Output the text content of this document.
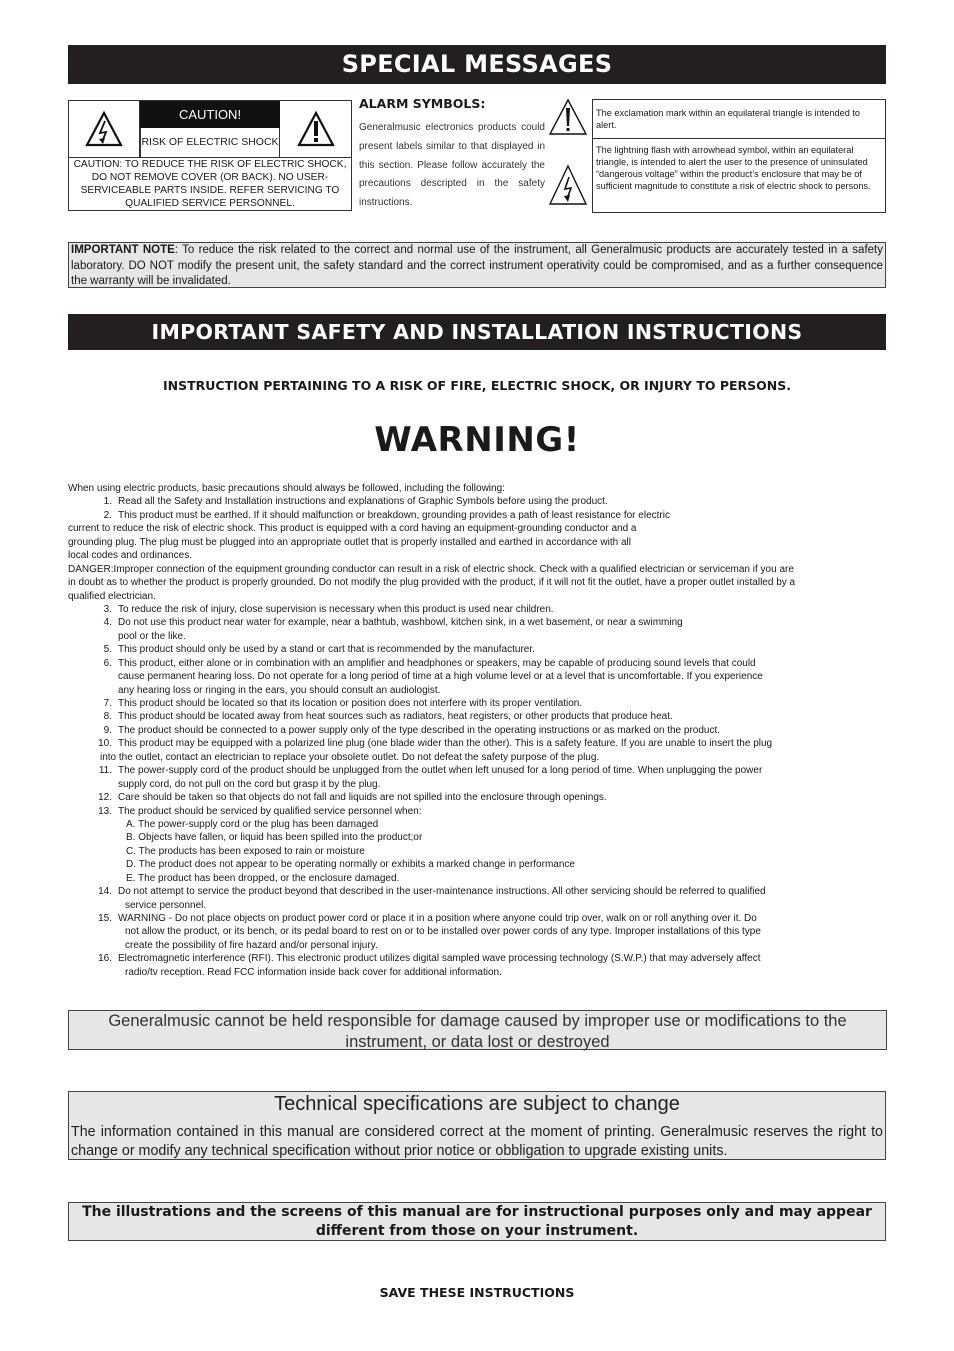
SPECIAL MESSAGES
CAUTION!
RISK OF ELECTRIC SHOCK
CAUTION: TO REDUCE THE RISK OF ELECTRIC SHOCK, DO NOT REMOVE COVER (OR BACK). NO USER-SERVICEABLE PARTS INSIDE. REFER SERVICING TO QUALIFIED SERVICE PERSONNEL.
ALARM SYMBOLS:
Generalmusic electronics products could present labels similar to that displayed in this section. Please follow accurately the precautions descripted in the safety instructions.
The exclamation mark within an equilateral triangle is intended to alert.
The lightning flash with arrowhead symbol, within an equilateral triangle, is intended to alert the user to the presence of uninsulated “dangerous voltage” within the product’s enclosure that may be of sufficient magnitude to constitute a risk of electric shock to persons.
IMPORTANT NOTE: To reduce the risk related to the correct and normal use of the instrument, all Generalmusic products are accurately tested in a safety laboratory. DO NOT modify the present unit, the safety standard and the correct instrument operativity could be compromised, and as a further consequence the warranty will be invalidated.
IMPORTANT SAFETY AND INSTALLATION INSTRUCTIONS
INSTRUCTION PERTAINING TO A RISK OF FIRE, ELECTRIC SHOCK, OR INJURY TO PERSONS.
WARNING!
When using electric products, basic precautions should always be followed, including the following:
1. Read all the Safety and Installation instructions and explanations of Graphic Symbols before using the product.
2. This product must be earthed. If it should malfunction or breakdown, grounding provides a path of least resistance for electric
current to reduce the risk of electric shock. This product is equipped with a cord having an equipment-grounding conductor and a
grounding plug. The plug must be plugged into an appropriate outlet that is properly installed and earthed in accordance with all
local codes and ordinances.
DANGER:Improper connection of the equipment grounding conductor can result in a risk of electric shock. Check with a qualified electrician or serviceman if you are
in doubt as to whether the product is properly grounded. Do not modify the plug provided with the product, if it will not fit the outlet, have a proper outlet installed by a
qualified electrician.
3. To reduce the risk of injury, close supervision is necessary when this product is used near children.
4. Do not use this product near water for example, near a bathtub, washbowl, kitchen sink, in a wet basement, or near a swimming
pool or the like.
5. This product should only be used by a stand or cart that is recommended by the manufacturer.
6. This product, either alone or in combination with an amplifier and headphones or speakers, may be capable of producing sound levels that could
cause permanent hearing loss. Do not operate for a long period of time at a high volume level or at a level that is uncomfortable. If you experience
any hearing loss or ringing in the ears, you should consult an audiologist.
7. This product should be located so that its location or position does not interfere with its proper ventilation.
8. This product should be located away from heat sources such as radiators, heat registers, or other products that produce heat.
9. The product should be connected to a power supply only of the type described in the operating instructions or as marked on the product.
10. This product may be equipped with a polarized line plug (one blade wider than the other). This is a safety feature. If you are unable to insert the plug
into the outlet, contact an electrician to replace your obsolete outlet. Do not defeat the safety purpose of the plug.
11. The power-supply cord of the product should be unplugged from the outlet when left unused for a long period of time. When unplugging the power
supply cord, do not pull on the cord but grasp it by the plug.
12. Care should be taken so that objects do not fall and liquids are not spilled into the enclosure through openings.
13. The product should be serviced by qualified service personnel when:
A. The power-supply cord or the plug has been damaged
B. Objects have fallen, or liquid has been spilled into the product;or
C. The products has been exposed to rain or moisture
D. The product does not appear to be operating normally or exhibits a marked change in performance
E. The product has been dropped, or the enclosure damaged.
14. Do not attempt to service the product beyond that described in the user-maintenance instructions. All other servicing should be referred to qualified
service personnel.
15. WARNING - Do not place objects on product power cord or place it in a position where anyone could trip over, walk on or roll anything over it. Do
not allow the product, or its bench, or its pedal board to rest on or to be installed over power cords of any type. Improper installations of this type
create the possibility of fire hazard and/or personal injury.
16. Electromagnetic interference (RFI). This electronic product utilizes digital sampled wave processing technology (S.W.P.) that may adversely affect
radio/tv reception. Read FCC information inside back cover for additional information.
Generalmusic cannot be held responsible for damage caused by improper use or modifications to the instrument, or data lost or destroyed
Technical specifications are subject to change
The information contained in this manual are considered correct at the moment of printing. Generalmusic reserves the right to change or modify any technical specification without prior notice or obbligation to upgrade existing units.
The illustrations and the screens of this manual are for instructional purposes only and may appear different from those on your instrument.
SAVE THESE INSTRUCTIONS
